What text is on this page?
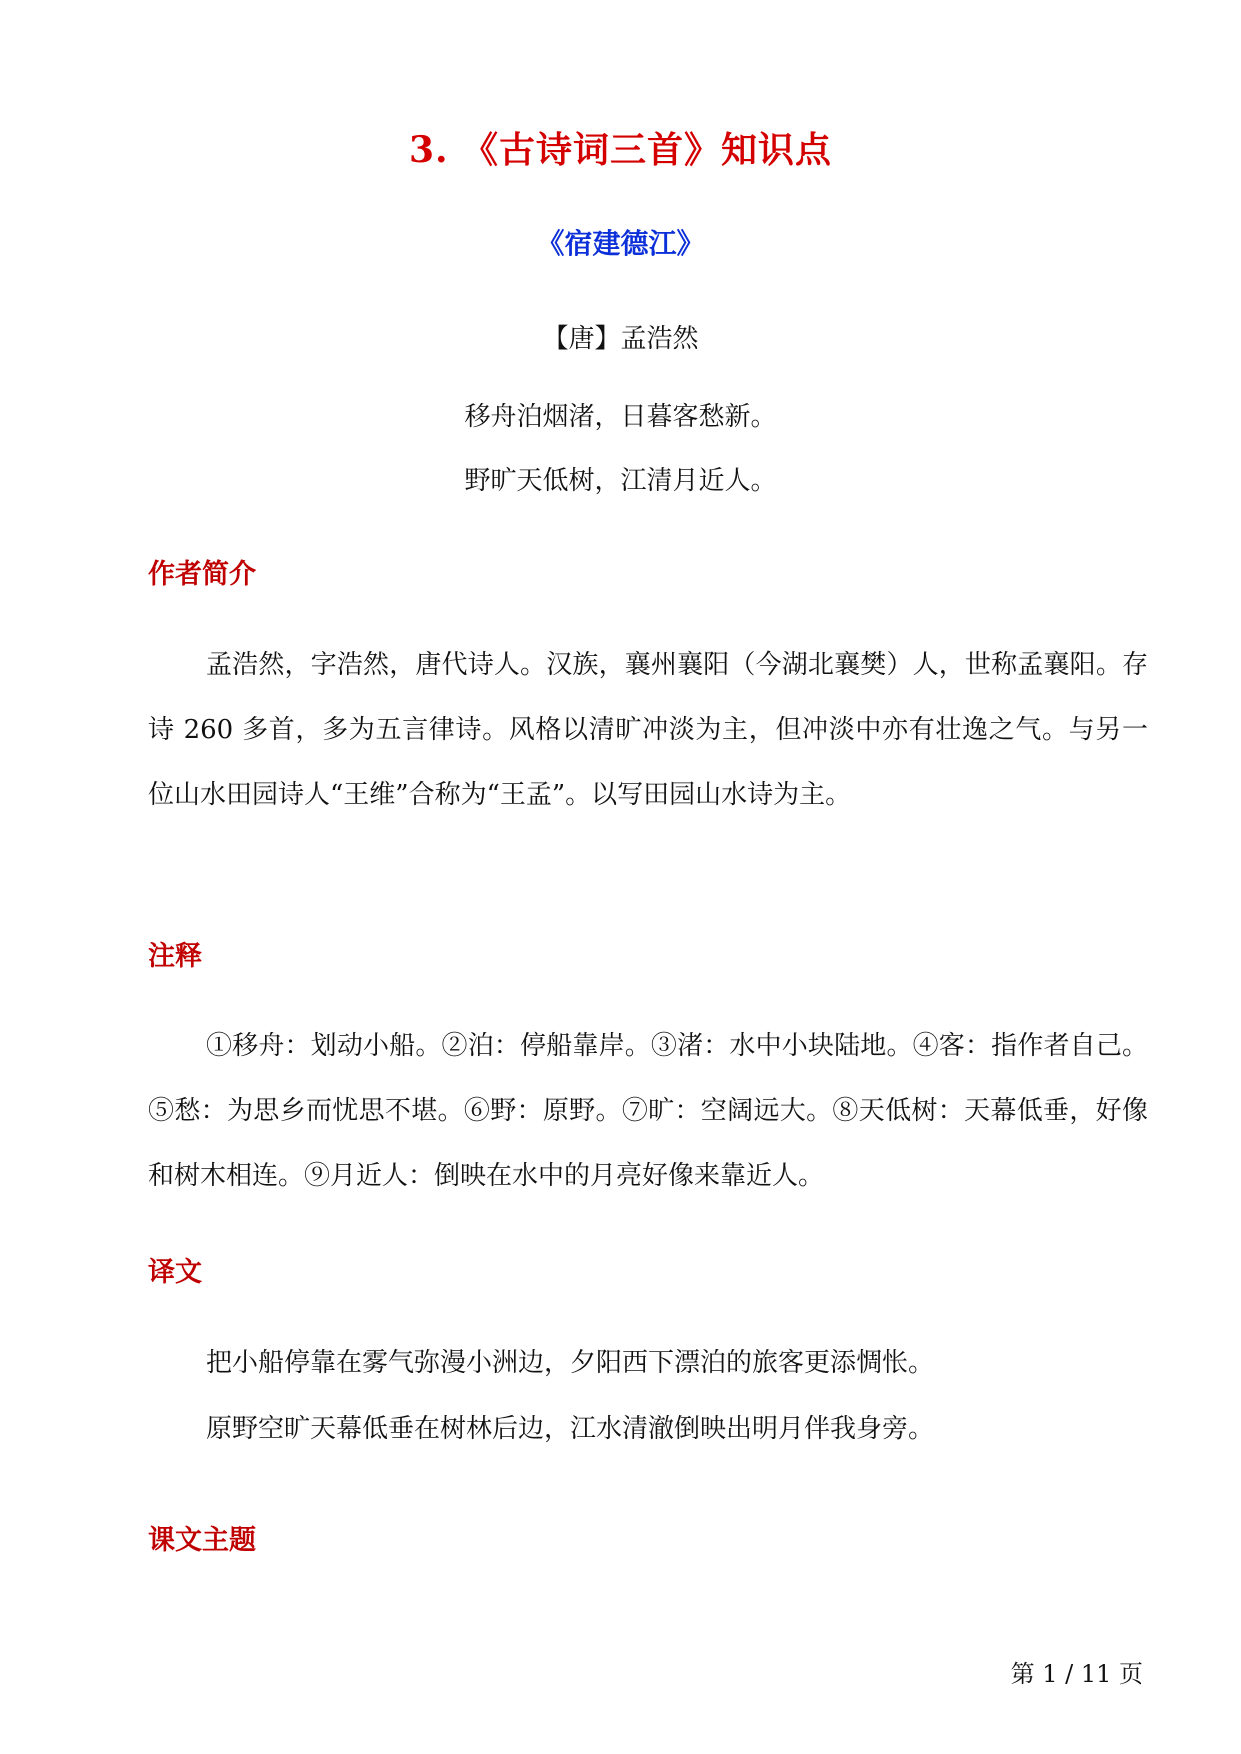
3. 《古诗词三首》知识点
《宿建德江》

【唐】孟浩然

移舟泊烟渚，日暮客愁新。

野旷天低树，江清月近人。

作者简介

孟浩然，字浩然，唐代诗人。汉族，襄州襄阳（今湖北襄樊）人，世称孟襄阳。存诗 260 多首，多为五言律诗。风格以清旷冲淡为主，但冲淡中亦有壮逸之气。与另一位山水田园诗人“王维”合称为“王孟”。以写田园山水诗为主。

注释

①移舟：划动小船。②泊：停船靠岸。③渚：水中小块陆地。④客：指作者自己。⑤愁：为思乡而忧思不堪。⑥野：原野。⑦旷：空阔远大。⑧天低树：天幕低垂，好像和树木相连。⑨月近人：倒映在水中的月亮好像来靠近人。

译文

把小船停靠在雾气弥漫小洲边，夕阳西下漂泊的旅客更添惆怅。

原野空旷天幕低垂在树林后边，江水清澈倒映出明月伴我身旁。

课文主题
第 1 / 11 页
